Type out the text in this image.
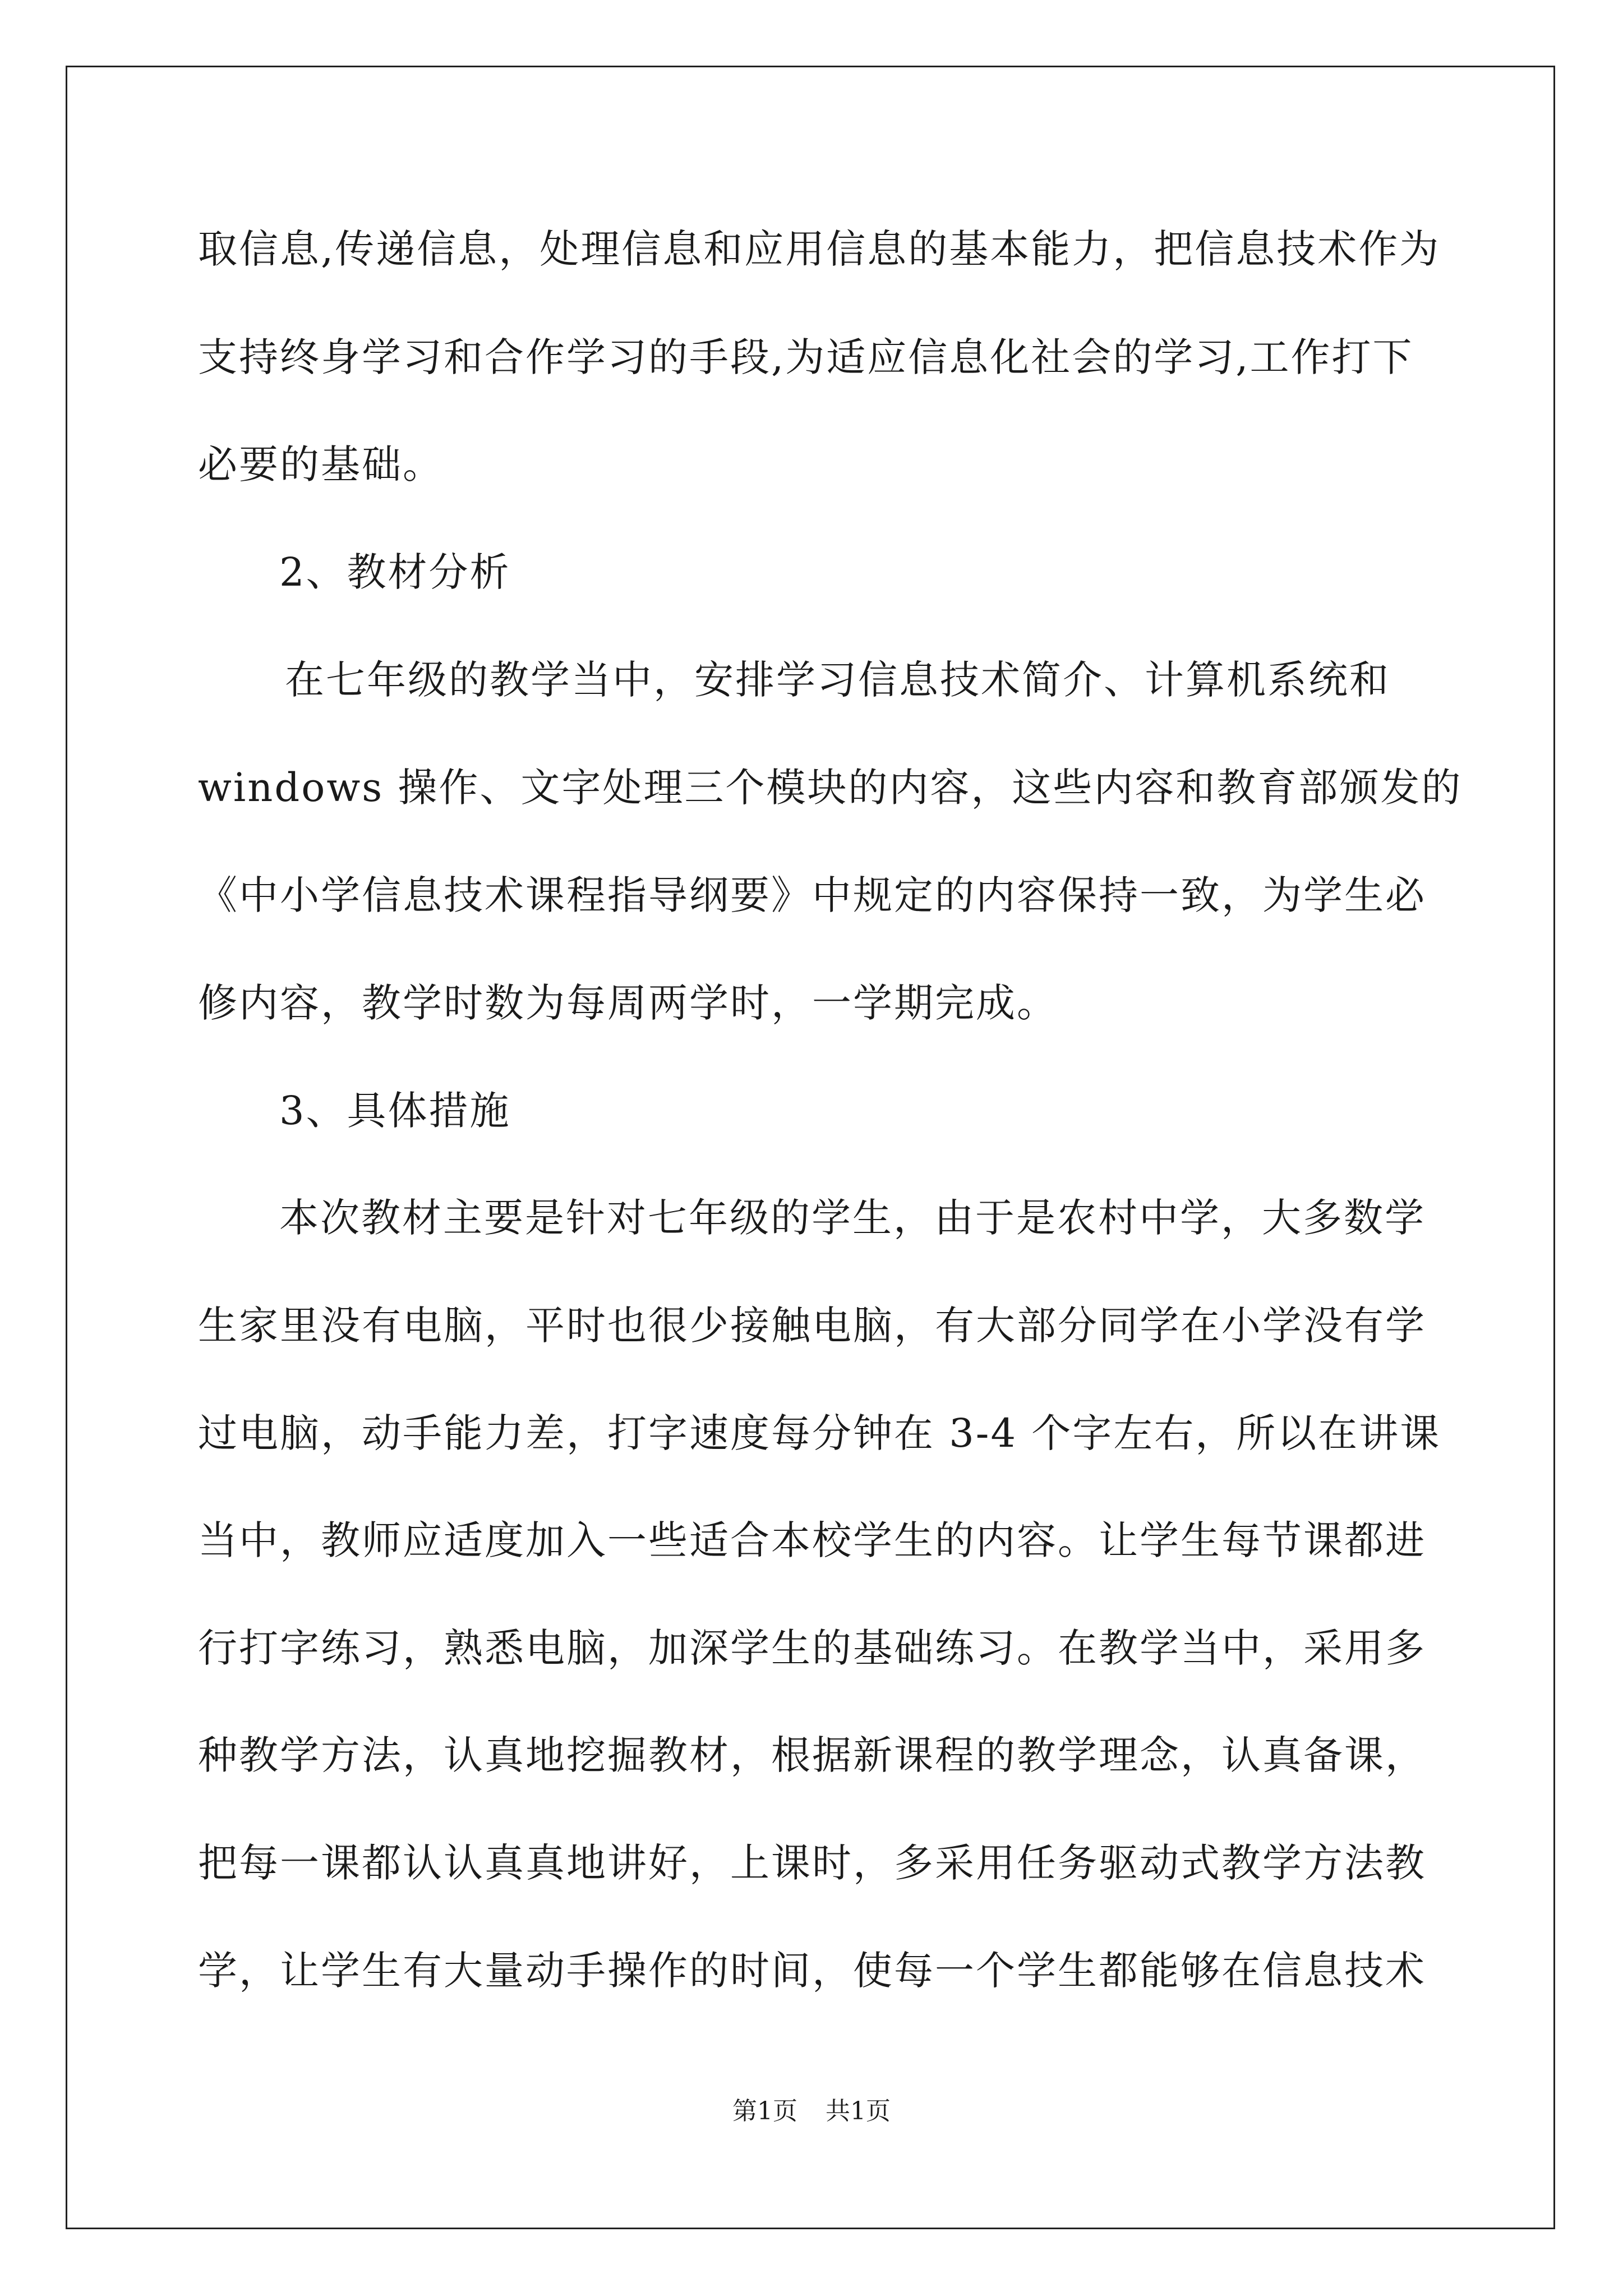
取信息,传递信息，处理信息和应用信息的基本能力，把信息技术作为
支持终身学习和合作学习的手段,为适应信息化社会的学习,工作打下
必要的基础。
2、教材分析
在七年级的教学当中，安排学习信息技术简介、计算机系统和
windows 操作、文字处理三个模块的内容，这些内容和教育部颁发的
《中小学信息技术课程指导纲要》中规定的内容保持一致，为学生必
修内容，教学时数为每周两学时，一学期完成。
3、具体措施
本次教材主要是针对七年级的学生，由于是农村中学，大多数学
生家里没有电脑，平时也很少接触电脑，有大部分同学在小学没有学
过电脑，动手能力差，打字速度每分钟在 3-4 个字左右，所以在讲课
当中，教师应适度加入一些适合本校学生的内容。让学生每节课都进
行打字练习，熟悉电脑，加深学生的基础练习。在教学当中，采用多
种教学方法，认真地挖掘教材，根据新课程的教学理念，认真备课，
把每一课都认认真真地讲好，上课时，多采用任务驱动式教学方法教
学，让学生有大量动手操作的时间，使每一个学生都能够在信息技术
第1页 共1页
